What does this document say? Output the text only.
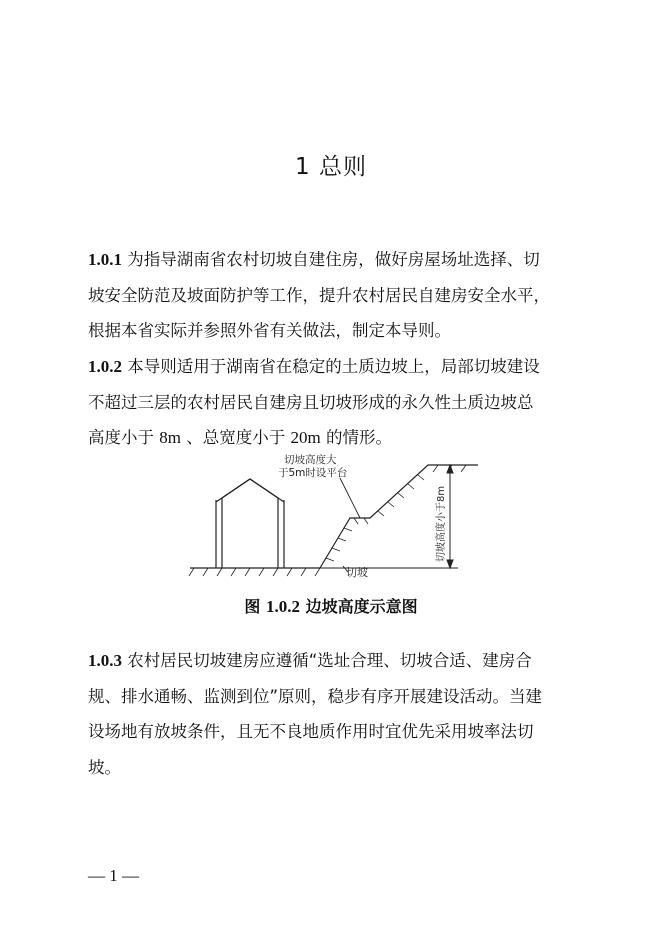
1 总则
1.0.1 为指导湖南省农村切坡自建住房，做好房屋场址选择、切
坡安全防范及坡面防护等工作，提升农村居民自建房安全水平，
根据本省实际并参照外省有关做法，制定本导则。
1.0.2 本导则适用于湖南省在稳定的土质边坡上，局部切坡建设
不超过三层的农村居民自建房且切坡形成的永久性土质边坡总
高度小于 8m 、总宽度小于 20m 的情形。
切坡高度大
于5m时设平台
切坡
切坡高度小于8m
图 1.0.2 边坡高度示意图
1.0.3 农村居民切坡建房应遵循“选址合理、切坡合适、建房合
规、排水通畅、监测到位”原则，稳步有序开展建设活动。当建
设场地有放坡条件，且无不良地质作用时宜优先采用坡率法切
坡。
— 1 —
